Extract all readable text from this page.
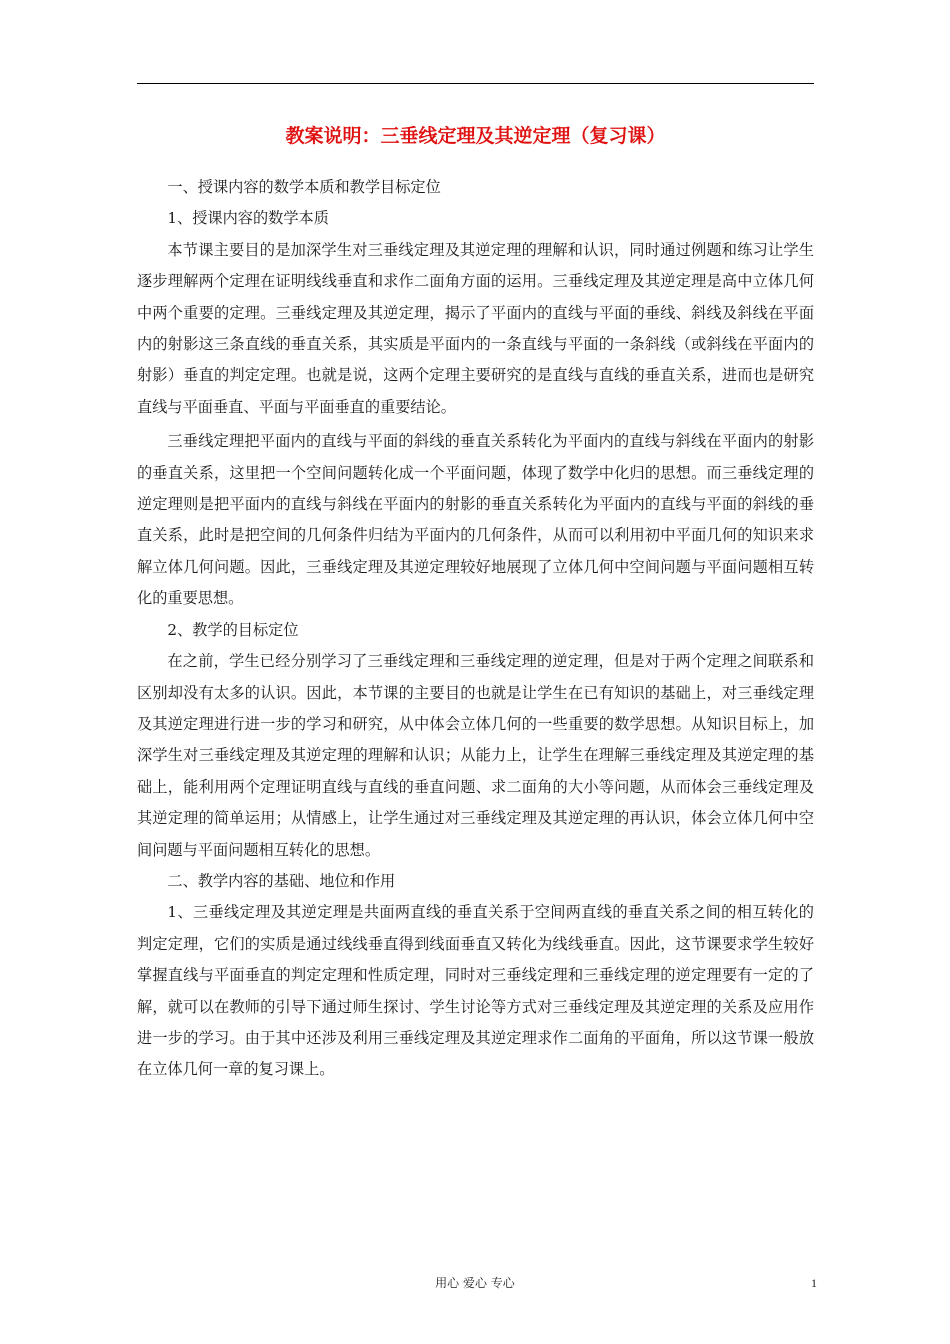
教案说明：三垂线定理及其逆定理（复习课）

一、授课内容的数学本质和教学目标定位

1、授课内容的数学本质

本节课主要目的是加深学生对三垂线定理及其逆定理的理解和认识，同时通过例题和练习让学生逐步理解两个定理在证明线线垂直和求作二面角方面的运用。三垂线定理及其逆定理是高中立体几何中两个重要的定理。三垂线定理及其逆定理，揭示了平面内的直线与平面的垂线、斜线及斜线在平面内的射影这三条直线的垂直关系，其实质是平面内的一条直线与平面的一条斜线（或斜线在平面内的射影）垂直的判定定理。也就是说，这两个定理主要研究的是直线与直线的垂直关系，进而也是研究直线与平面垂直、平面与平面垂直的重要结论。

三垂线定理把平面内的直线与平面的斜线的垂直关系转化为平面内的直线与斜线在平面内的射影的垂直关系，这里把一个空间问题转化成一个平面问题，体现了数学中化归的思想。而三垂线定理的逆定理则是把平面内的直线与斜线在平面内的射影的垂直关系转化为平面内的直线与平面的斜线的垂直关系，此时是把空间的几何条件归结为平面内的几何条件，从而可以利用初中平面几何的知识来求解立体几何问题。因此，三垂线定理及其逆定理较好地展现了立体几何中空间问题与平面问题相互转化的重要思想。

2、教学的目标定位

在之前，学生已经分别学习了三垂线定理和三垂线定理的逆定理，但是对于两个定理之间联系和区别却没有太多的认识。因此，本节课的主要目的也就是让学生在已有知识的基础上，对三垂线定理及其逆定理进行进一步的学习和研究，从中体会立体几何的一些重要的数学思想。从知识目标上，加深学生对三垂线定理及其逆定理的理解和认识；从能力上，让学生在理解三垂线定理及其逆定理的基础上，能利用两个定理证明直线与直线的垂直问题、求二面角的大小等问题，从而体会三垂线定理及其逆定理的简单运用；从情感上，让学生通过对三垂线定理及其逆定理的再认识，体会立体几何中空间问题与平面问题相互转化的思想。

二、教学内容的基础、地位和作用

1、三垂线定理及其逆定理是共面两直线的垂直关系于空间两直线的垂直关系之间的相互转化的判定定理，它们的实质是通过线线垂直得到线面垂直又转化为线线垂直。因此，这节课要求学生较好掌握直线与平面垂直的判定定理和性质定理，同时对三垂线定理和三垂线定理的逆定理要有一定的了解，就可以在教师的引导下通过师生探讨、学生讨论等方式对三垂线定理及其逆定理的关系及应用作进一步的学习。由于其中还涉及利用三垂线定理及其逆定理求作二面角的平面角，所以这节课一般放在立体几何一章的复习课上。

用心 爱心 专心	1
